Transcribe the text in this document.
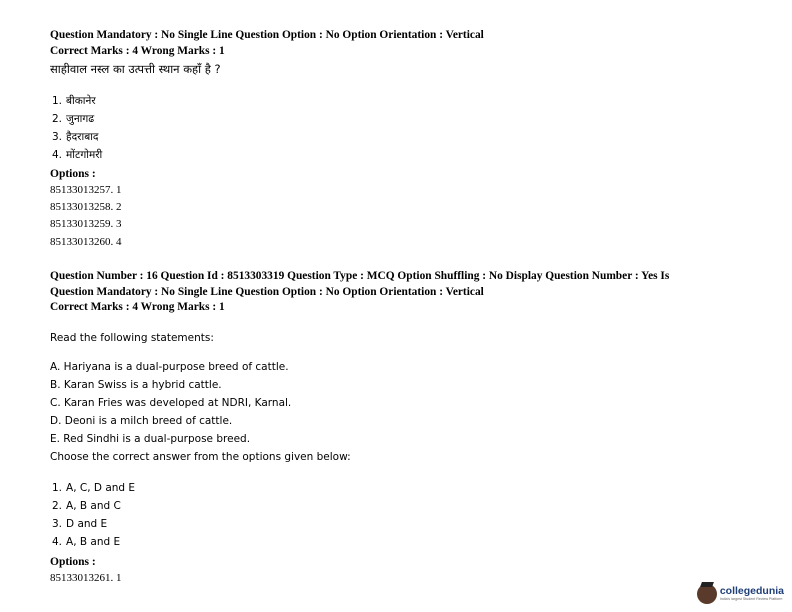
Question Mandatory : No Single Line Question Option : No Option Orientation : Vertical
Correct Marks : 4 Wrong Marks : 1
साहीवाल नस्ल का उत्पत्ती स्थान कहाँ है ?
1. बीकानेर
2. जुनागढ
3. हैदराबाद
4. मोंटगोमरी
Options :
85133013257. 1
85133013258. 2
85133013259. 3
85133013260. 4
Question Number : 16 Question Id : 8513303319 Question Type : MCQ Option Shuffling : No Display Question Number : Yes Is
Question Mandatory : No Single Line Question Option : No Option Orientation : Vertical
Correct Marks : 4 Wrong Marks : 1
Read the following statements:
A. Hariyana is a dual-purpose breed of cattle.
B. Karan Swiss is a hybrid cattle.
C. Karan Fries was developed at NDRI, Karnal.
D. Deoni is a milch breed of cattle.
E. Red Sindhi is a dual-purpose breed.
Choose the correct answer from the options given below:
1. A, C, D and E
2. A, B and C
3. D and E
4. A, B and E
Options :
85133013261. 1
collegedunia
India's largest Student Review Platform
